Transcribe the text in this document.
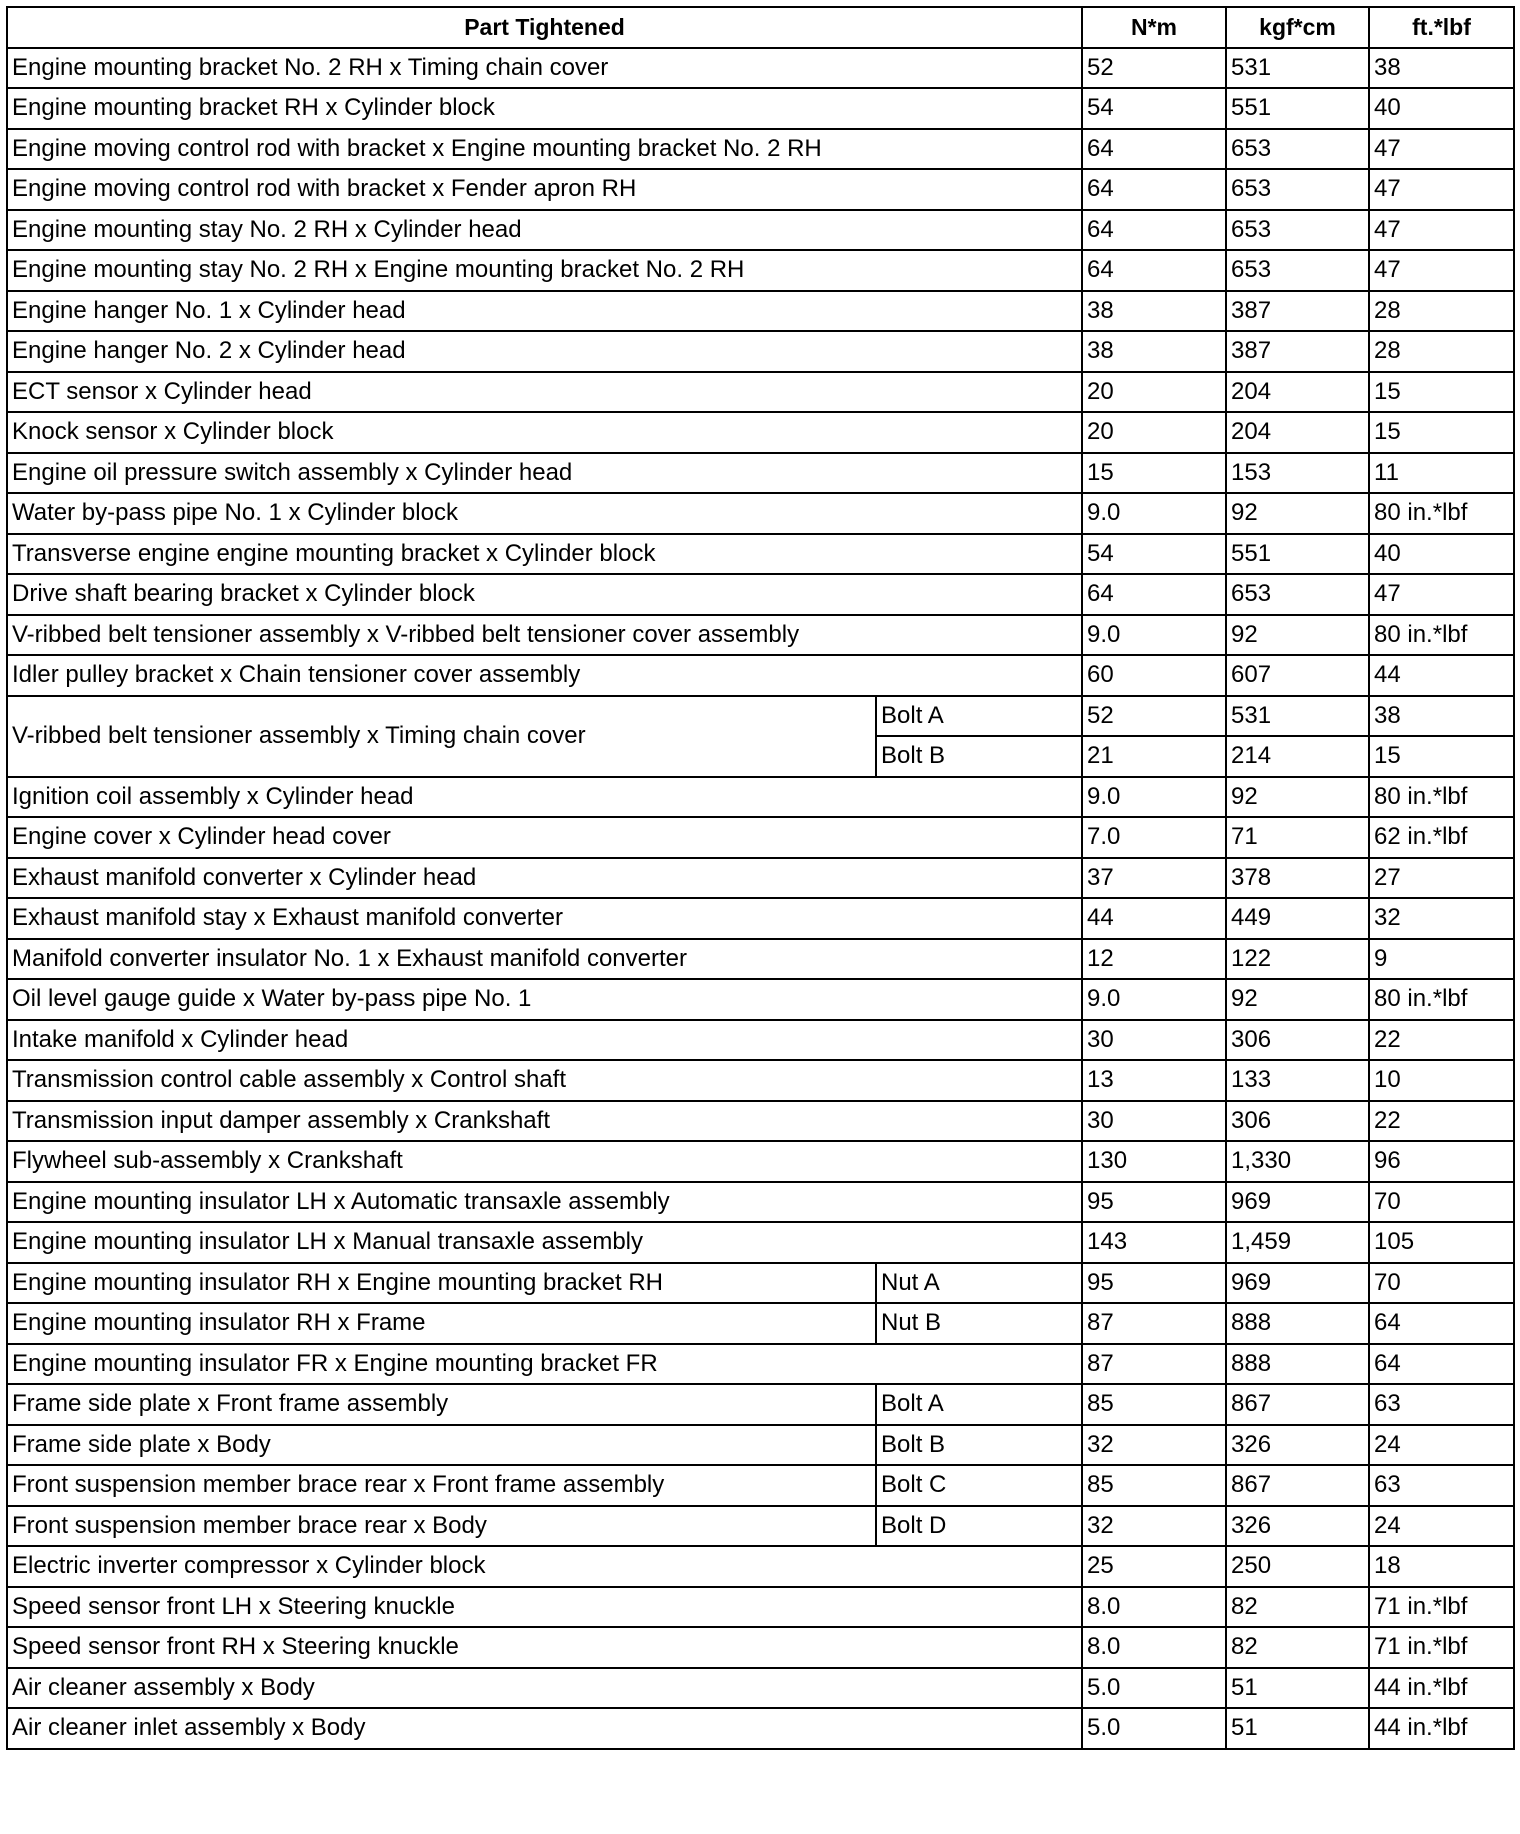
Part Tightened		N*m	kgf*cm	ft.*lbf
Engine mounting bracket No. 2 RH x Timing chain cover		52	531	38
Engine mounting bracket RH x Cylinder block		54	551	40
Engine moving control rod with bracket x Engine mounting bracket No. 2 RH		64	653	47
Engine moving control rod with bracket x Fender apron RH		64	653	47
Engine mounting stay No. 2 RH x Cylinder head		64	653	47
Engine mounting stay No. 2 RH x Engine mounting bracket No. 2 RH		64	653	47
Engine hanger No. 1 x Cylinder head		38	387	28
Engine hanger No. 2 x Cylinder head		38	387	28
ECT sensor x Cylinder head		20	204	15
Knock sensor x Cylinder block		20	204	15
Engine oil pressure switch assembly x Cylinder head		15	153	11
Water by-pass pipe No. 1 x Cylinder block		9.0	92	80 in.*lbf
Transverse engine engine mounting bracket x Cylinder block		54	551	40
Drive shaft bearing bracket x Cylinder block		64	653	47
V-ribbed belt tensioner assembly x V-ribbed belt tensioner cover assembly		9.0	92	80 in.*lbf
Idler pulley bracket x Chain tensioner cover assembly		60	607	44
V-ribbed belt tensioner assembly x Timing chain cover	Bolt A	52	531	38
	Bolt B	21	214	15
Ignition coil assembly x Cylinder head		9.0	92	80 in.*lbf
Engine cover x Cylinder head cover		7.0	71	62 in.*lbf
Exhaust manifold converter x Cylinder head		37	378	27
Exhaust manifold stay x Exhaust manifold converter		44	449	32
Manifold converter insulator No. 1 x Exhaust manifold converter		12	122	9
Oil level gauge guide x Water by-pass pipe No. 1		9.0	92	80 in.*lbf
Intake manifold x Cylinder head		30	306	22
Transmission control cable assembly x Control shaft		13	133	10
Transmission input damper assembly x Crankshaft		30	306	22
Flywheel sub-assembly x Crankshaft		130	1,330	96
Engine mounting insulator LH x Automatic transaxle assembly		95	969	70
Engine mounting insulator LH x Manual transaxle assembly		143	1,459	105
Engine mounting insulator RH x Engine mounting bracket RH	Nut A	95	969	70
Engine mounting insulator RH x Frame	Nut B	87	888	64
Engine mounting insulator FR x Engine mounting bracket FR		87	888	64
Frame side plate x Front frame assembly	Bolt A	85	867	63
Frame side plate x Body	Bolt B	32	326	24
Front suspension member brace rear x Front frame assembly	Bolt C	85	867	63
Front suspension member brace rear x Body	Bolt D	32	326	24
Electric inverter compressor x Cylinder block		25	250	18
Speed sensor front LH x Steering knuckle		8.0	82	71 in.*lbf
Speed sensor front RH x Steering knuckle		8.0	82	71 in.*lbf
Air cleaner assembly x Body		5.0	51	44 in.*lbf
Air cleaner inlet assembly x Body		5.0	51	44 in.*lbf
